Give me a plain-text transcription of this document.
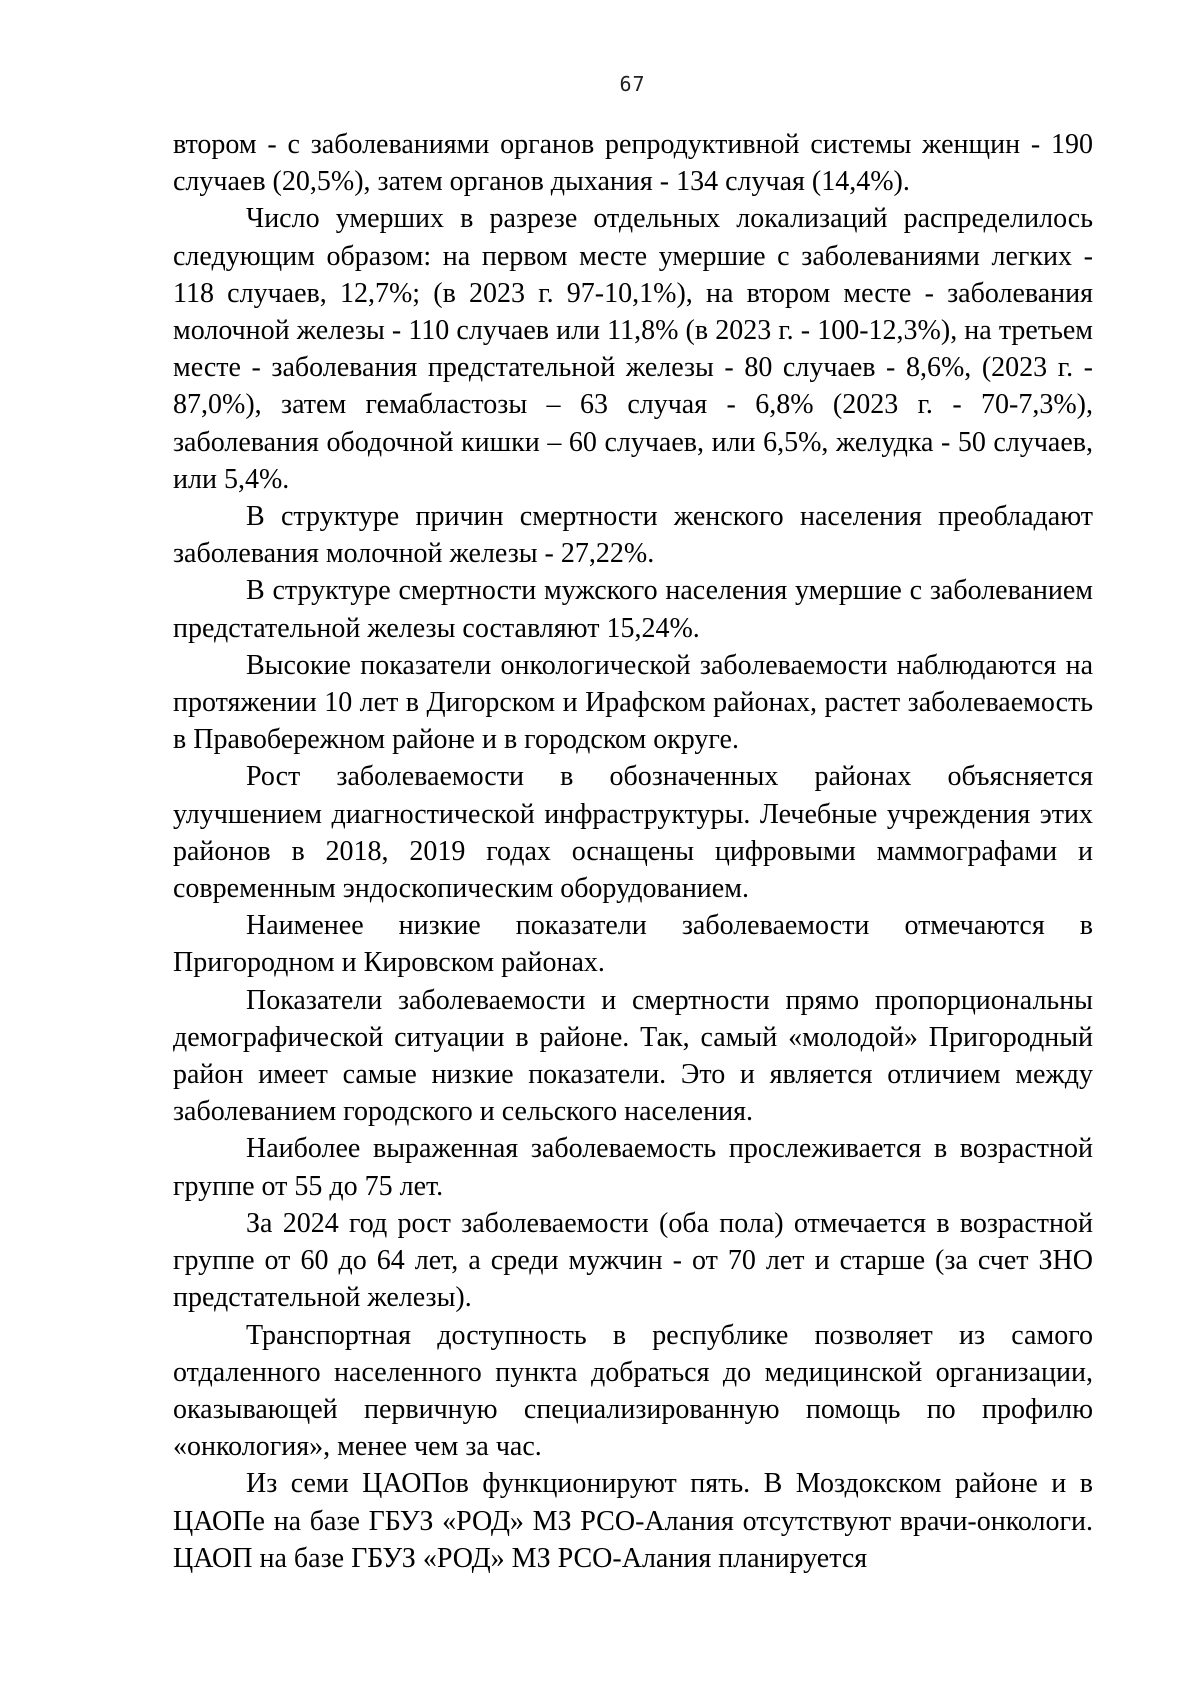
67

втором - с заболеваниями органов репродуктивной системы женщин - 190 случаев (20,5%), затем органов дыхания - 134 случая (14,4%).

Число умерших в разрезе отдельных локализаций распределилось следующим образом: на первом месте умершие с заболеваниями легких - 118 случаев, 12,7%; (в 2023 г. 97-10,1%), на втором месте - заболевания молочной железы - 110 случаев или 11,8% (в 2023 г. - 100-12,3%), на третьем месте - заболевания предстательной железы - 80 случаев - 8,6%, (2023 г. - 87,0%), затем гемабластозы – 63 случая - 6,8% (2023 г. - 70-7,3%), заболевания ободочной кишки – 60 случаев, или 6,5%, желудка - 50 случаев, или 5,4%.

В структуре причин смертности женского населения преобладают заболевания молочной железы - 27,22%.

В структуре смертности мужского населения умершие с заболеванием предстательной железы составляют 15,24%.

Высокие показатели онкологической заболеваемости наблюдаются на протяжении 10 лет в Дигорском и Ирафском районах, растет заболеваемость в Правобережном районе и в городском округе.

Рост заболеваемости в обозначенных районах объясняется улучшением диагностической инфраструктуры. Лечебные учреждения этих районов в 2018, 2019 годах оснащены цифровыми маммографами и современным эндоскопическим оборудованием.

Наименее низкие показатели заболеваемости отмечаются в Пригородном и Кировском районах.

Показатели заболеваемости и смертности прямо пропорциональны демографической ситуации в районе. Так, самый «молодой» Пригородный район имеет самые низкие показатели. Это и является отличием между заболеванием городского и сельского населения.

Наиболее выраженная заболеваемость прослеживается в возрастной группе от 55 до 75 лет.

За 2024 год рост заболеваемости (оба пола) отмечается в возрастной группе от 60 до 64 лет, а среди мужчин - от 70 лет и старше (за счет ЗНО предстательной железы).

Транспортная доступность в республике позволяет из самого отдаленного населенного пункта добраться до медицинской организации, оказывающей первичную специализированную помощь по профилю «онкология», менее чем за час.

Из семи ЦАОПов функционируют пять. В Моздокском районе и в ЦАОПе на базе ГБУЗ «РОД» МЗ РСО-Алания отсутствуют врачи-онкологи. ЦАОП на базе ГБУЗ «РОД» МЗ РСО-Алания планируется
